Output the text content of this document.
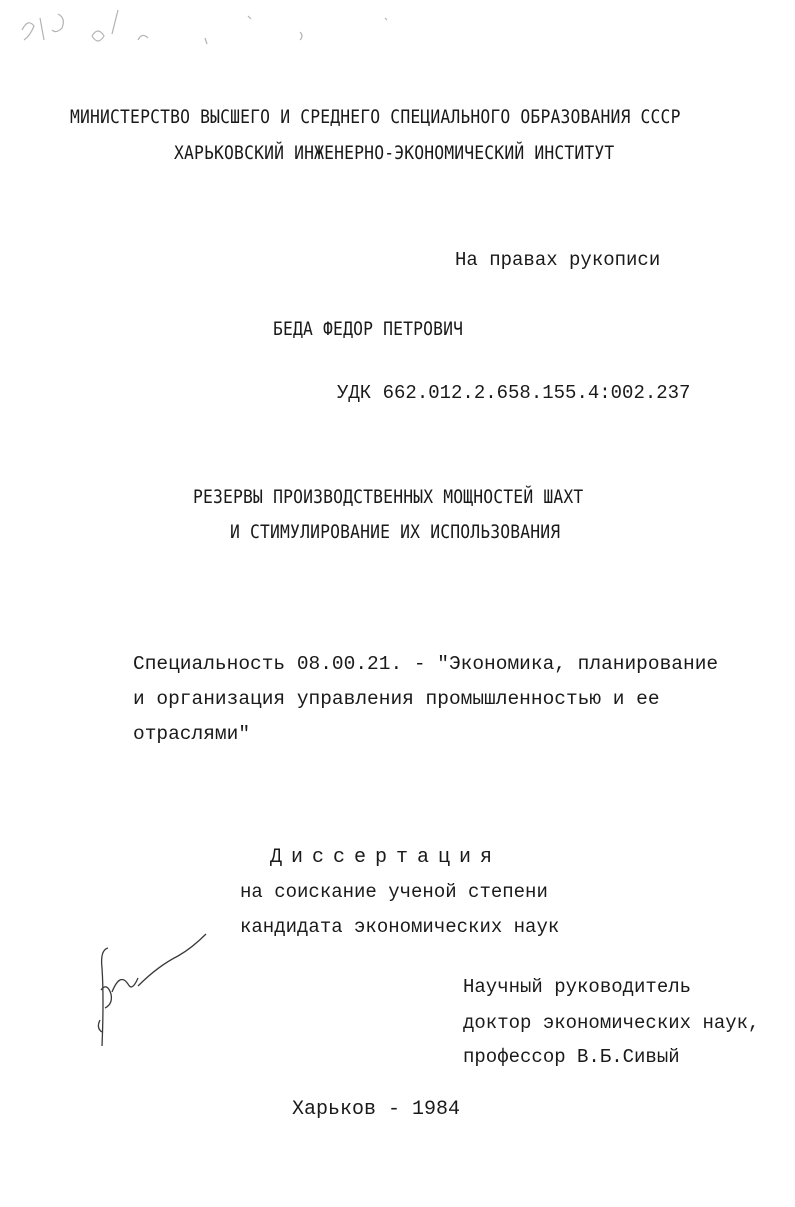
МИНИСТЕРСТВО ВЫСШЕГО И СРЕДНЕГО СПЕЦИАЛЬНОГО ОБРАЗОВАНИЯ СССР
ХАРЬКОВСКИЙ ИНЖЕНЕРНО-ЭКОНОМИЧЕСКИЙ ИНСТИТУТ
На правах рукописи
БЕДА ФЕДОР ПЕТРОВИЧ
УДК 662.012.2.658.155.4:002.237
РЕЗЕРВЫ ПРОИЗВОДСТВЕННЫХ МОЩНОСТЕЙ ШАХТ
И СТИМУЛИРОВАНИЕ ИХ ИСПОЛЬЗОВАНИЯ
Специальность 08.00.21. - "Экономика, планирование
и организация управления промышленностью и ее
отраслями"
Диссертация
на соискание ученой степени
кандидата экономических наук
Научный руководитель
доктор экономических наук,
профессор В.Б.Сивый
Харьков - 1984
